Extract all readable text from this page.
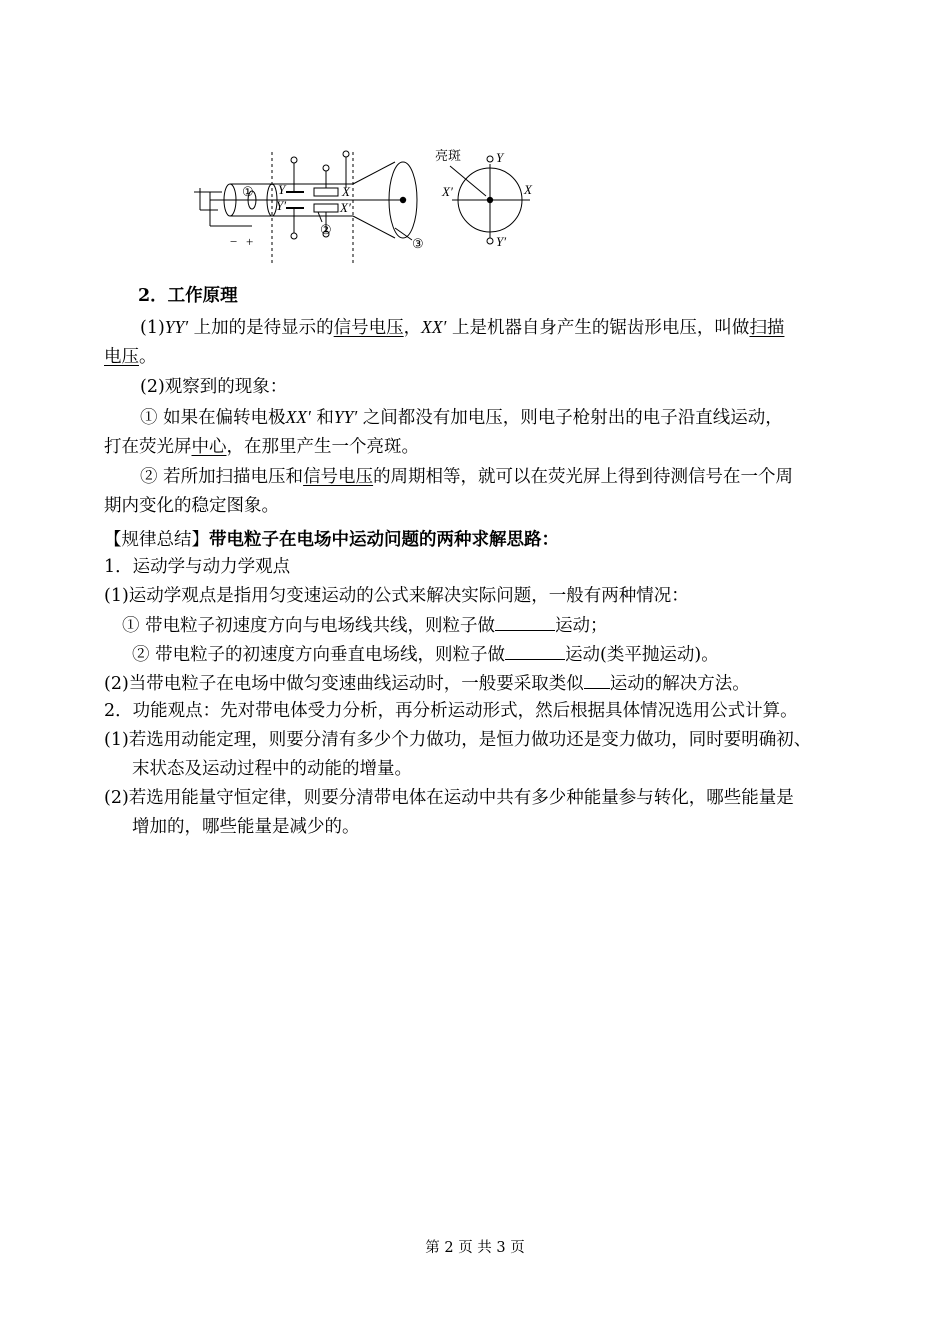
亮斑	Y
Y′
X
X′
Y
Y′
X
X′
①
②
③
− +
2．工作原理
(1)YY′ 上加的是待显示的信号电压，XX′ 上是机器自身产生的锯齿形电压，叫做扫描
电压。
(2)观察到的现象：
① 如果在偏转电极XX′ 和YY′ 之间都没有加电压，则电子枪射出的电子沿直线运动，
打在荧光屏中心，在那里产生一个亮斑。
② 若所加扫描电压和信号电压的周期相等，就可以在荧光屏上得到待测信号在一个周
期内变化的稳定图象。
【规律总结】带电粒子在电场中运动问题的两种求解思路：
1．运动学与动力学观点
(1)运动学观点是指用匀变速运动的公式来解决实际问题，一般有两种情况：
① 带电粒子初速度方向与电场线共线，则粒子做	运动；
② 带电粒子的初速度方向垂直电场线，则粒子做	运动(类平抛运动)。
(2)当带电粒子在电场中做匀变速曲线运动时，一般要采取类似 运动的解决方法。
2．功能观点：先对带电体受力分析，再分析运动形式，然后根据具体情况选用公式计算。
(1)若选用动能定理，则要分清有多少个力做功，是恒力做功还是变力做功，同时要明确初、
末状态及运动过程中的动能的增量。
(2)若选用能量守恒定律，则要分清带电体在运动中共有多少种能量参与转化，哪些能量是
增加的，哪些能量是减少的。
第 2 页 共 3 页
